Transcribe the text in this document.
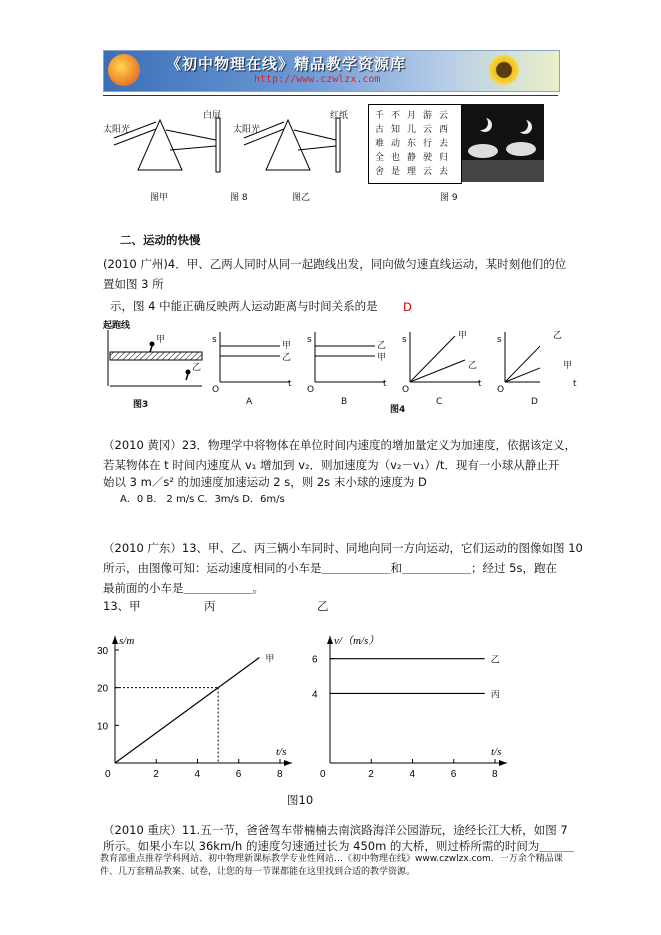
《初中物理在线》精品教学资源库
http://www.czwlzx.com
太阳光
白屏
太阳光
红纸
图甲	图 8	图乙
千不月游云
古知儿云西
难动东行去
全也静驶归
舍是理云去
图 9
二、运动的快慢
(2010 广州)4．甲、乙两人同时从同一起跑线出发，同向做匀速直线运动，某时刻他们的位
置如图 3 所
示，图 4 中能正确反映两人运动距离与时间关系的是 D
起跑线
甲
乙
图3	图4
（2010 黄冈）23．物理学中将物体在单位时间内速度的增加量定义为加速度，依据该定义，
若某物体在 t 时间内速度从 v₁ 增加到 v₂．则加速度为（v₂－v₁）/t．现有一小球从静止开
始以 3 m／s² 的加速度加速运动 2 s，则 2s 末小球的速度为 D
A．0 B． 2 m/s C．3m/s D．6m/s
（2010 广东）13、甲、乙、丙三辆小车同时、同地向同一方向运动，它们运动的图像如图 10
所示，由图像可知：运动速度相同的小车是＿＿＿＿＿＿和＿＿＿＿＿＿；经过 5s，跑在
最前面的小车是＿＿＿＿＿＿。
13、甲	丙	乙
0	2	4	6	8
10
20
30
t/s
s/m
甲
0	2	4	6	8
4
6
t/s
v/（m/s）
乙
丙
图10
（2010 重庆）11.五一节，爸爸驾车带楠楠去南滨路海洋公园游玩，途经长江大桥，如图 7
所示。如果小车以 36km/h 的速度匀速通过长为 450m 的大桥，则过桥所需的时间为＿＿＿
教育部重点推荐学科网站、初中物理新课标教学专业性网站…《初中物理在线》www.czwlzx.com．一万余个精品课件、几万套精品教案、试卷，让您的每一节课都能在这里找到合适的教学资源。
s
t
O
甲
乙
A
s
t
O
乙
甲
B
s
t
O
甲
乙
C
s
t
O
乙
甲
D
